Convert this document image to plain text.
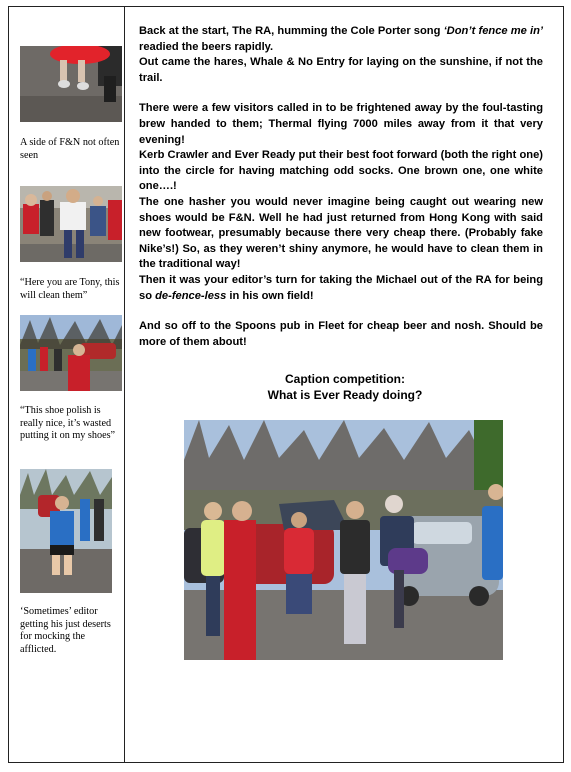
A side of F&N not often seen
“Here you are Tony, this will clean them”
“This shoe polish is really nice, it’s wasted putting it on my shoes”
‘Sometimes’ editor getting his just deserts for mocking the afflicted.

Back at the start, The RA, humming the Cole Porter song ‘Don’t fence me in’ readied the beers rapidly.

Out came the hares, Whale & No Entry for laying on the sunshine, if not the trail.

There were a few visitors called in to be frightened away by the foul-tasting brew handed to them; Thermal flying 7000 miles away from it that very evening!

Kerb Crawler and Ever Ready put their best foot forward (both the right one) into the circle for having matching odd socks. One brown one, one white one….!

The one hasher you would never imagine being caught out wearing new shoes would be F&N. Well he had just returned from Hong Kong with said new footwear, presumably because there very cheap there. (Probably fake Nike’s!) So, as they weren’t shiny anymore, he would have to clean them in the traditional way!

Then it was your editor’s turn for taking the Michael out of the RA for being so de-fence-less in his own field!

And so off to the Spoons pub in Fleet for cheap beer and nosh. Should be more of them about!

Caption competition:
What is Ever Ready doing?
